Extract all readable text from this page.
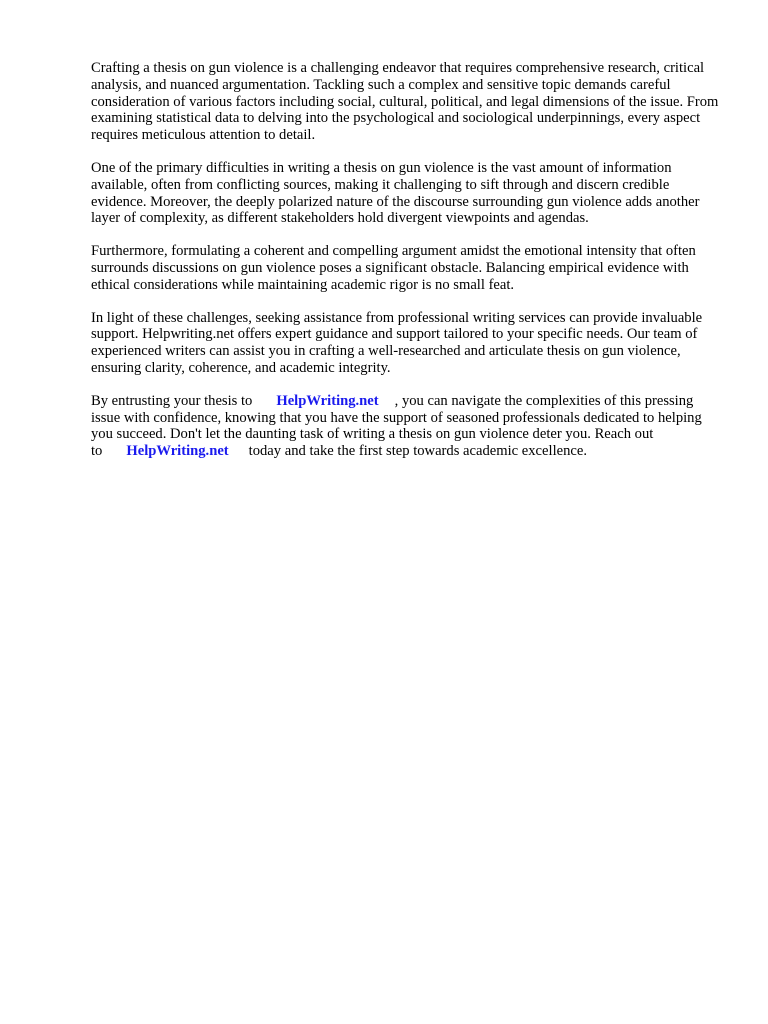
Crafting a thesis on gun violence is a challenging endeavor that requires comprehensive research, critical analysis, and nuanced argumentation. Tackling such a complex and sensitive topic demands careful consideration of various factors including social, cultural, political, and legal dimensions of the issue. From examining statistical data to delving into the psychological and sociological underpinnings, every aspect requires meticulous attention to detail.

One of the primary difficulties in writing a thesis on gun violence is the vast amount of information available, often from conflicting sources, making it challenging to sift through and discern credible evidence. Moreover, the deeply polarized nature of the discourse surrounding gun violence adds another layer of complexity, as different stakeholders hold divergent viewpoints and agendas.

Furthermore, formulating a coherent and compelling argument amidst the emotional intensity that often surrounds discussions on gun violence poses a significant obstacle. Balancing empirical evidence with ethical considerations while maintaining academic rigor is no small feat.

In light of these challenges, seeking assistance from professional writing services can provide invaluable support. Helpwriting.net offers expert guidance and support tailored to your specific needs. Our team of experienced writers can assist you in crafting a well-researched and articulate thesis on gun violence, ensuring clarity, coherence, and academic integrity.

By entrusting your thesis to HelpWriting.net , you can navigate the complexities of this pressing issue with confidence, knowing that you have the support of seasoned professionals dedicated to helping you succeed. Don't let the daunting task of writing a thesis on gun violence deter you. Reach out to HelpWriting.net today and take the first step towards academic excellence.
